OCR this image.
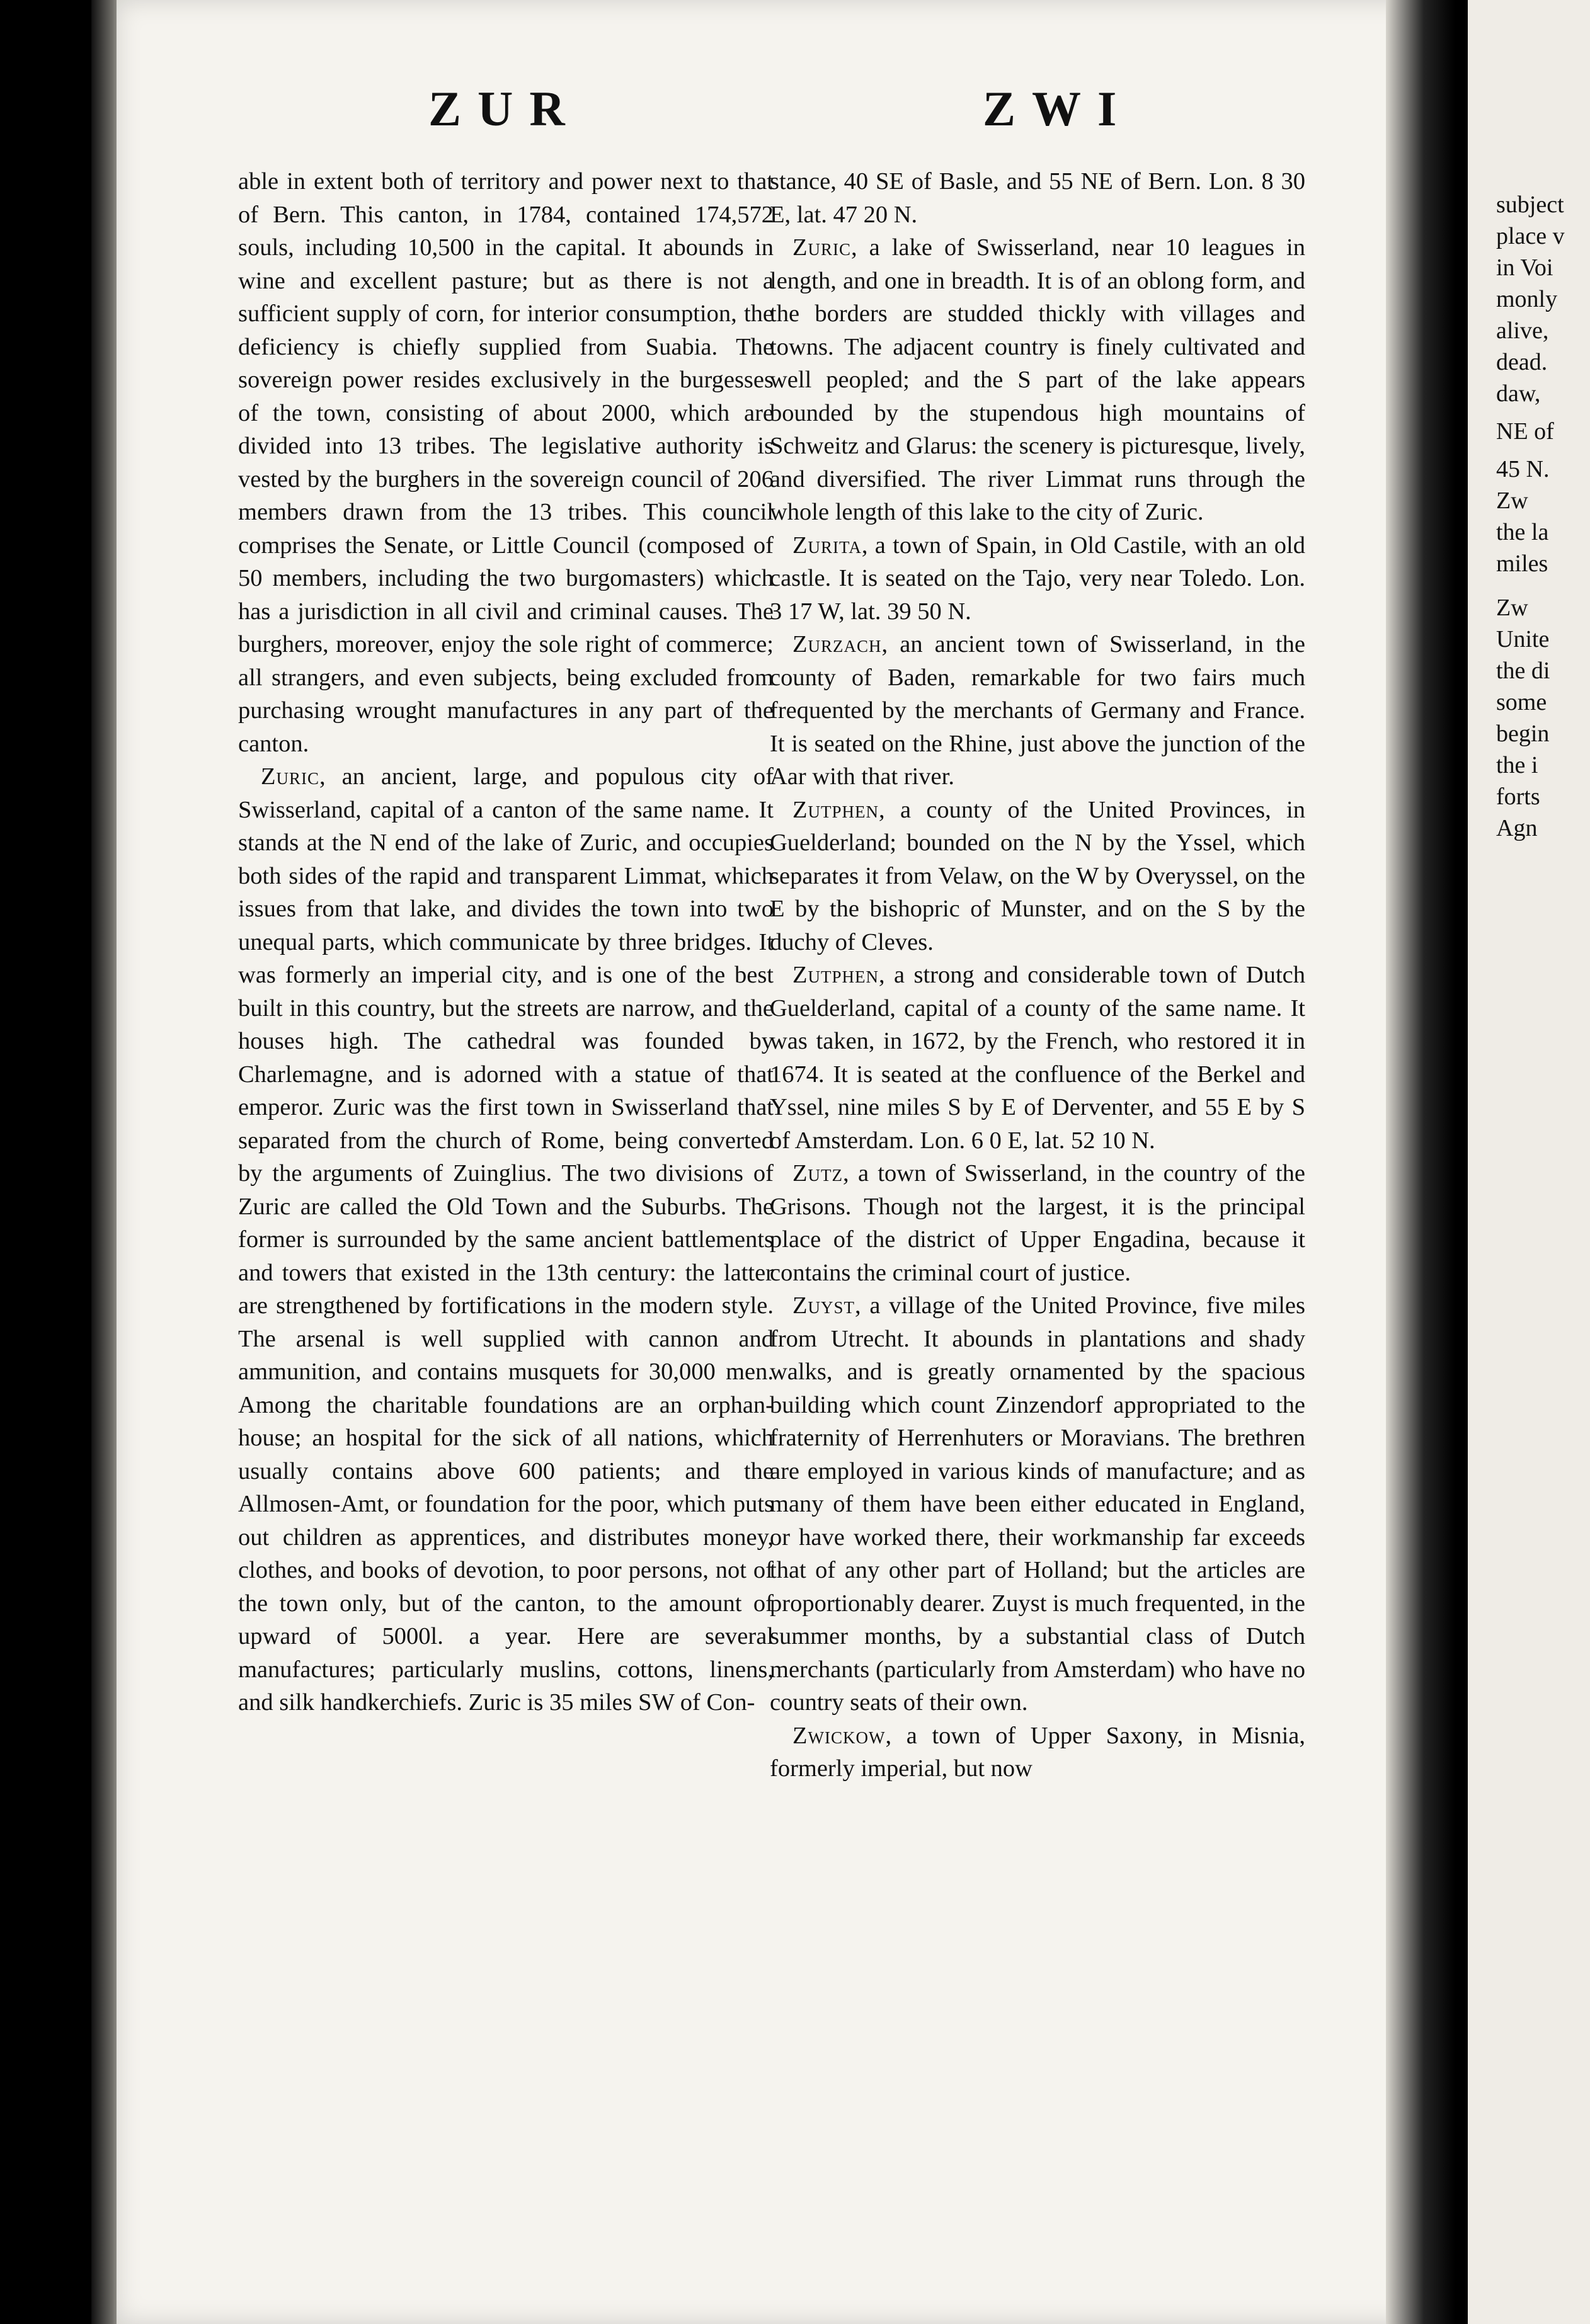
ZUR	ZWI

able in extent both of territory and power next to that of Bern. This canton, in 1784, contained 174,572 souls, including 10,500 in the capital. It abounds in wine and excellent pasture; but as there is not a sufficient supply of corn, for interior consumption, the deficiency is chiefly supplied from Suabia. The sovereign power resides exclusively in the burgesses of the town, consisting of about 2000, which are divided into 13 tribes. The legislative authority is vested by the burghers in the sovereign council of 206 members drawn from the 13 tribes. This council comprises the Senate, or Little Council (composed of 50 members, including the two burgomasters) which has a jurisdiction in all civil and criminal causes. The burghers, moreover, enjoy the sole right of commerce; all strangers, and even subjects, being excluded from purchasing wrought manufactures in any part of the canton.

Zuric, an ancient, large, and populous city of Swisserland, capital of a canton of the same name. It stands at the N end of the lake of Zuric, and occupies both sides of the rapid and transparent Limmat, which issues from that lake, and divides the town into two unequal parts, which communicate by three bridges. It was formerly an imperial city, and is one of the best built in this country, but the streets are narrow, and the houses high. The cathedral was founded by Charlemagne, and is adorned with a statue of that emperor. Zuric was the first town in Swisserland that separated from the church of Rome, being converted by the arguments of Zuinglius. The two divisions of Zuric are called the Old Town and the Suburbs. The former is surrounded by the same ancient battlements and towers that existed in the 13th century: the latter are strengthened by fortifications in the modern style. The arsenal is well supplied with cannon and ammunition, and contains musquets for 30,000 men. Among the charitable foundations are an orphan-house; an hospital for the sick of all nations, which usually contains above 600 patients; and the Allmosen-Amt, or foundation for the poor, which puts out children as apprentices, and distributes money, clothes, and books of devotion, to poor persons, not of the town only, but of the canton, to the amount of upward of 5000l. a year. Here are several manufactures; particularly muslins, cottons, linens, and silk handkerchiefs. Zuric is 35 miles SW of Con-

stance, 40 SE of Basle, and 55 NE of Bern. Lon. 8 30 E, lat. 47 20 N.

Zuric, a lake of Swisserland, near 10 leagues in length, and one in breadth. It is of an oblong form, and the borders are studded thickly with villages and towns. The adjacent country is finely cultivated and well peopled; and the S part of the lake appears bounded by the stupendous high mountains of Schweitz and Glarus: the scenery is picturesque, lively, and diversified. The river Limmat runs through the whole length of this lake to the city of Zuric.

Zurita, a town of Spain, in Old Castile, with an old castle. It is seated on the Tajo, very near Toledo. Lon. 3 17 W, lat. 39 50 N.

Zurzach, an ancient town of Swisserland, in the county of Baden, remarkable for two fairs much frequented by the merchants of Germany and France. It is seated on the Rhine, just above the junction of the Aar with that river.

Zutphen, a county of the United Provinces, in Guelderland; bounded on the N by the Yssel, which separates it from Velaw, on the W by Overyssel, on the E by the bishopric of Munster, and on the S by the duchy of Cleves.

Zutphen, a strong and considerable town of Dutch Guelderland, capital of a county of the same name. It was taken, in 1672, by the French, who restored it in 1674. It is seated at the confluence of the Berkel and Yssel, nine miles S by E of Derventer, and 55 E by S of Amsterdam. Lon. 6 0 E, lat. 52 10 N.

Zutz, a town of Swisserland, in the country of the Grisons. Though not the largest, it is the principal place of the district of Upper Engadina, because it contains the criminal court of justice.

Zuyst, a village of the United Province, five miles from Utrecht. It abounds in plantations and shady walks, and is greatly ornamented by the spacious building which count Zinzendorf appropriated to the fraternity of Herrenhuters or Moravians. The brethren are employed in various kinds of manufacture; and as many of them have been either educated in England, or have worked there, their workmanship far exceeds that of any other part of Holland; but the articles are proportionably dearer. Zuyst is much frequented, in the summer months, by a substantial class of Dutch merchants (particularly from Amsterdam) who have no country seats of their own.

Zwickow, a town of Upper Saxony, in Misnia, formerly imperial, but now

subject
place v
in Voi
monly
alive,
dead.
daw,
NE of
45 N.
Zw
the la
miles
Zw
Unite
the di
some
begin
the i
forts
Agn
